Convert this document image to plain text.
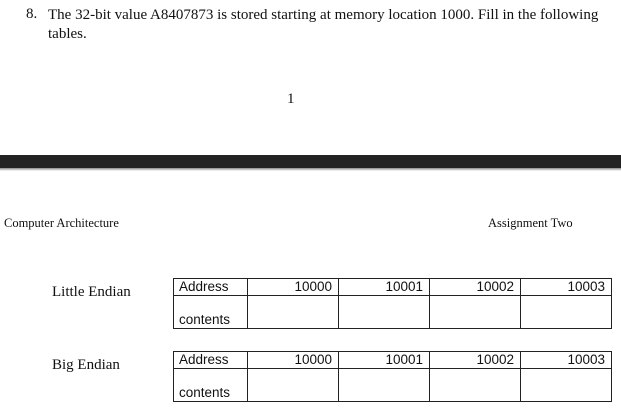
8. The 32-bit value A8407873 is stored starting at memory location 1000. Fill in the following tables.
1
Computer Architecture	Assignment Two
Little Endian	Address	10000	10001	10002	10003
contents				
Big Endian	Address	10000	10001	10002	10003
contents				
